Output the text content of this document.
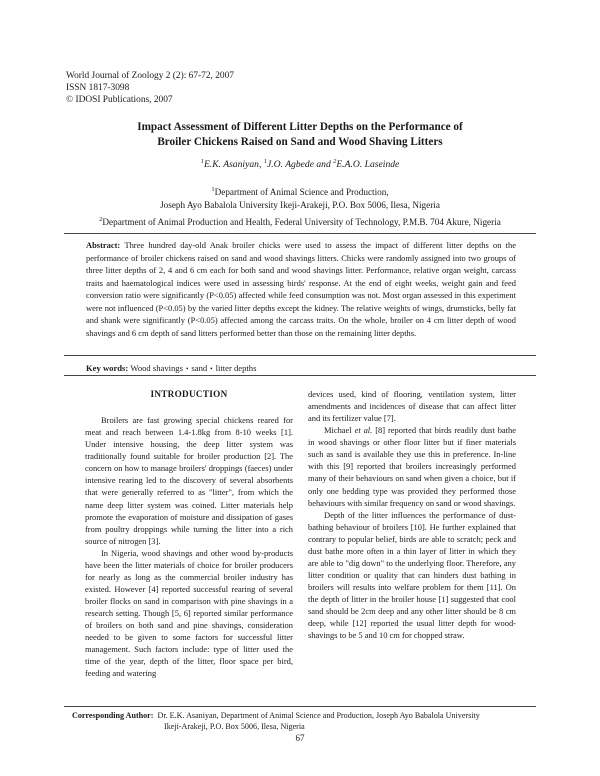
World Journal of Zoology 2 (2): 67-72, 2007
ISSN 1817-3098
© IDOSI Publications, 2007
Impact Assessment of Different Litter Depths on the Performance of
Broiler Chickens Raised on Sand and Wood Shaving Litters
$^1$E.K. Asaniyan, $^1$J.O. Agbede and $^2$E.A.O. Laseinde
$^1$Department of Animal Science and Production,
Joseph Ayo Babalola University Ikeji-Arakeji, P.O. Box 5006, Ilesa, Nigeria
$^2$Department of Animal Production and Health, Federal University of Technology, P.M.B. 704 Akure, Nigeria
Abstract: Three hundred day-old Anak broiler chicks were used to assess the impact of different litter depths on the performance of broiler chickens raised on sand and wood shavings litters. Chicks were randomly assigned into two groups of three litter depths of 2, 4 and 6 cm each for both sand and wood shavings litter. Performance, relative organ weight, carcass traits and haematological indices were used in assessing birds' response. At the end of eight weeks, weight gain and feed conversion ratio were significantly (P<0.05) affected while feed consumption was not. Most organ assessed in this experiment were not influenced (P<0.05) by the varied litter depths except the kidney. The relative weights of wings, drumsticks, belly fat and shank were significantly (P<0.05) affected among the carcass traits. On the whole, broiler on 4 cm litter depth of wood shavings and 6 cm depth of sand litters performed better than those on the remaining litter depths.
Key words: Wood shavings • sand • litter depths
INTRODUCTION

Broilers are fast growing special chickens reared for meat and reach between 1.4-1.8kg from 8-10 weeks [1]. Under intensive housing, the deep litter system was traditionally found suitable for broiler production [2]. The concern on how to manage broilers' droppings (faeces) under intensive rearing led to the discovery of several absorbents that were generally referred to as "litter", from which the name deep litter system was coined. Litter materials help promote the evaporation of moisture and dissipation of gases from poultry droppings while turning the litter into a rich source of nitrogen [3].

In Nigeria, wood shavings and other wood by-products have been the litter materials of choice for broiler producers for nearly as long as the commercial broiler industry has existed. However [4] reported successful rearing of several broiler flocks on sand in comparison with pine shavings in a research setting. Though [5, 6] reported similar performance of broilers on both sand and pine shavings, consideration needed to be given to some factors for successful litter management. Such factors include: type of litter used the time of the year, depth of the litter, floor space per bird, feeding and watering

devices used, kind of flooring, ventilation system, litter amendments and incidences of disease that can affect litter and its fertilizer value [7].

Michael et al. [8] reported that birds readily dust bathe in wood shavings or other floor litter but if finer materials such as sand is available they use this in preference. In-line with this [9] reported that broilers increasingly performed many of their behaviours on sand when given a choice, but if only one bedding type was provided they performed those behaviours with similar frequency on sand or wood shavings.

Depth of the litter influences the performance of dust-bathing behaviour of broilers [10]. He further explained that contrary to popular belief, birds are able to scratch; peck and dust bathe more often in a thin layer of litter in which they are able to "dig down" to the underlying floor. Therefore, any litter condition or quality that can hinders dust bathing in broilers will results into welfare problem for them [11]. On the depth of litter in the broiler house [1] suggested that cool sand should be 2cm deep and any other litter should be 8 cm deep, while [12] reported the usual litter depth for wood-shavings to be 5 and 10 cm for chopped straw.

Corresponding Author: Dr. E.K. Asaniyan, Department of Animal Science and Production, Joseph Ayo Babalola University
Ikeji-Arakeji, P.O. Box 5006, Ilesa, Nigeria
67
